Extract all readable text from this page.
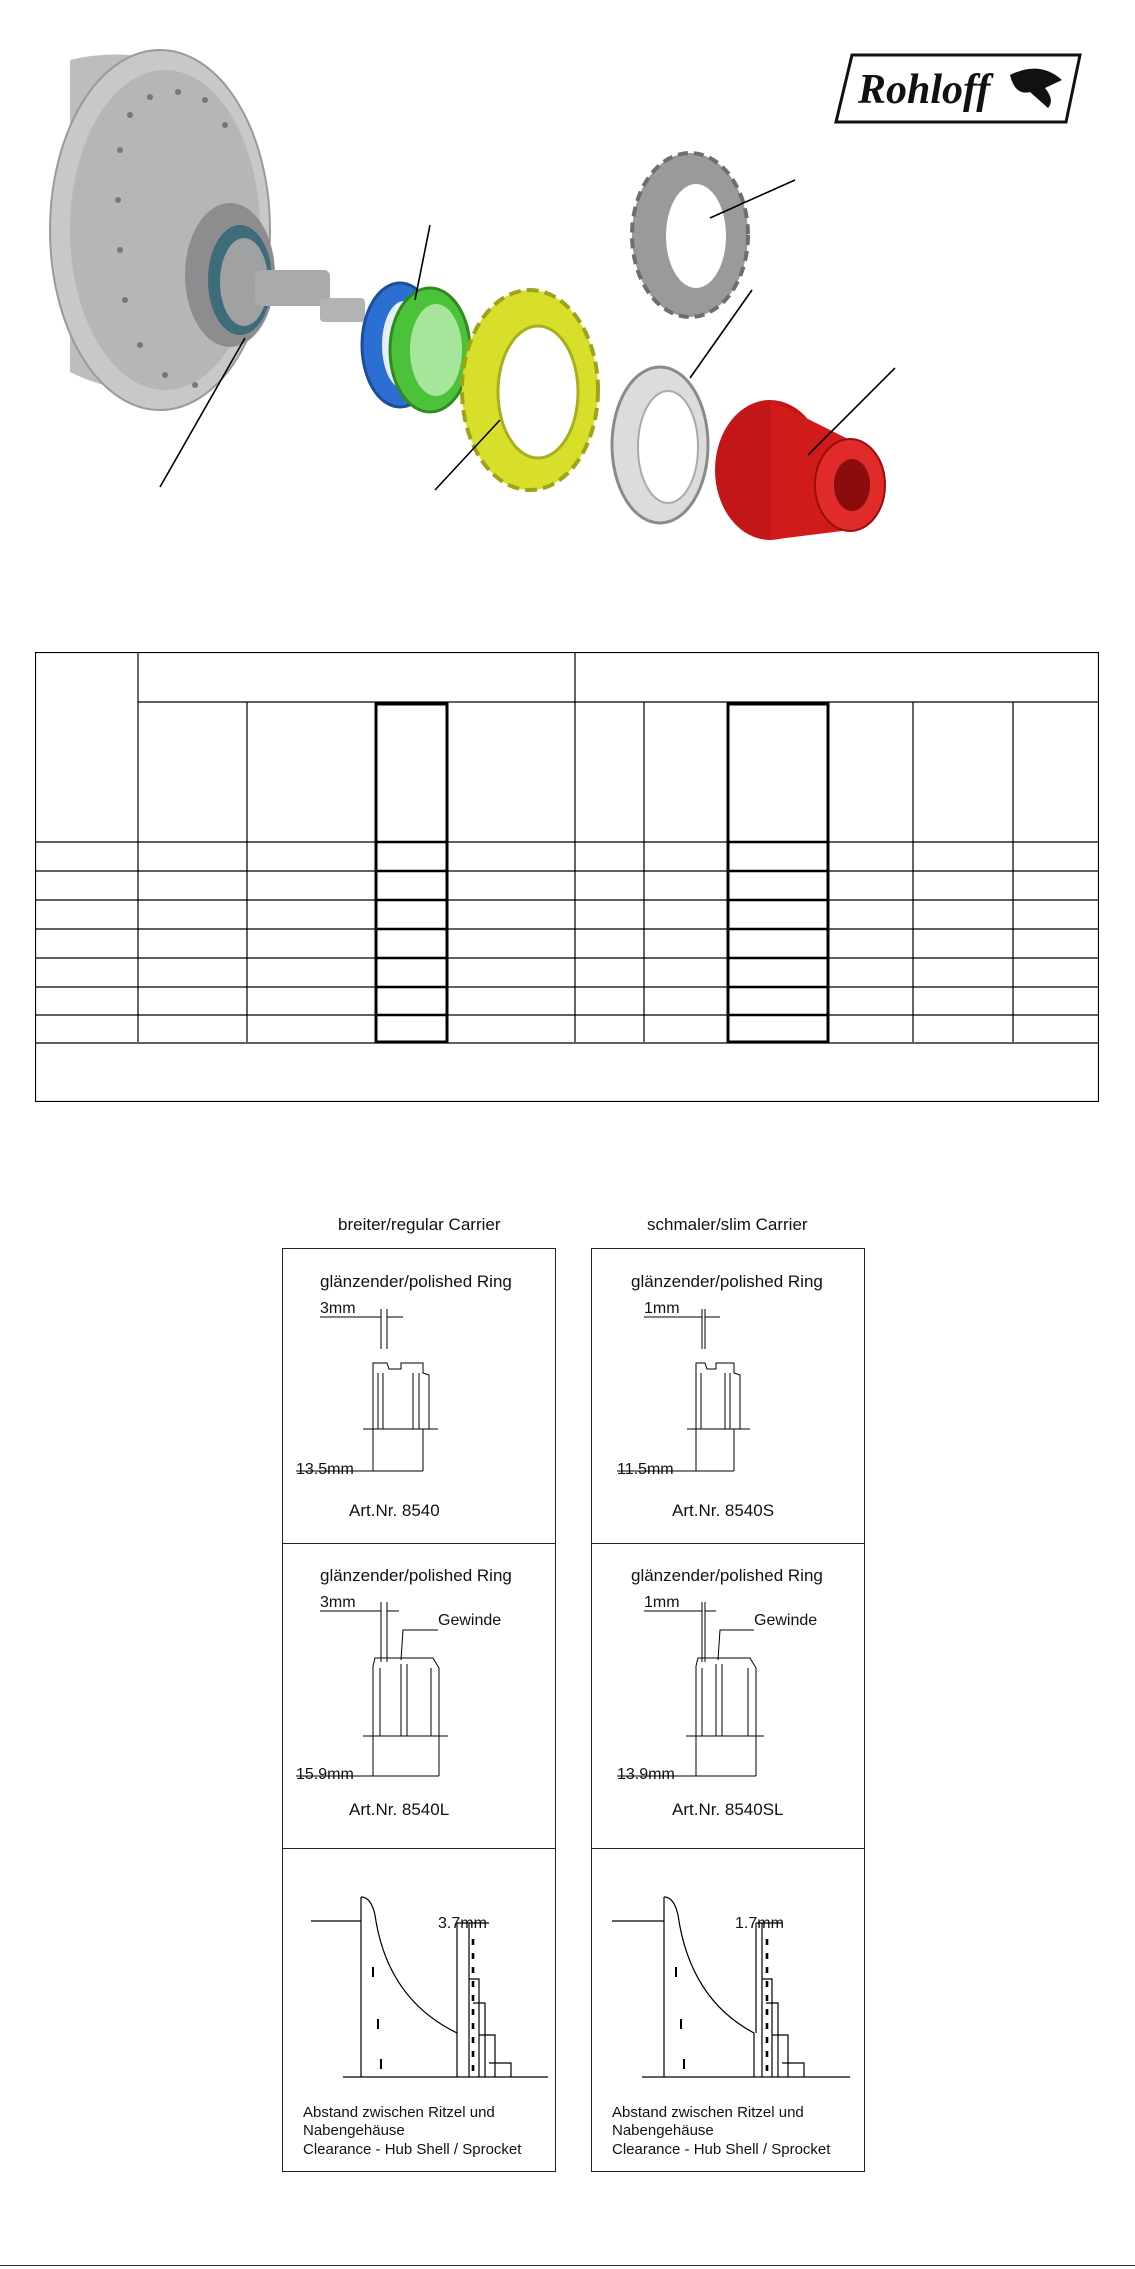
Rohloff
breiter/regular Carrier	schmaler/slim Carrier
glänzender/polished Ring
3mm
13.5mm
Art.Nr. 8540
glänzender/polished Ring
3mm
Gewinde
15.9mm
Art.Nr. 8540L
3.7mm
Abstand zwischen Ritzel und
Nabengehäuse
Clearance - Hub Shell / Sprocket
glänzender/polished Ring
1mm
11.5mm
Art.Nr. 8540S
glänzender/polished Ring
1mm
Gewinde
13.9mm
Art.Nr. 8540SL
1.7mm
Abstand zwischen Ritzel und
Nabengehäuse
Clearance - Hub Shell / Sprocket
